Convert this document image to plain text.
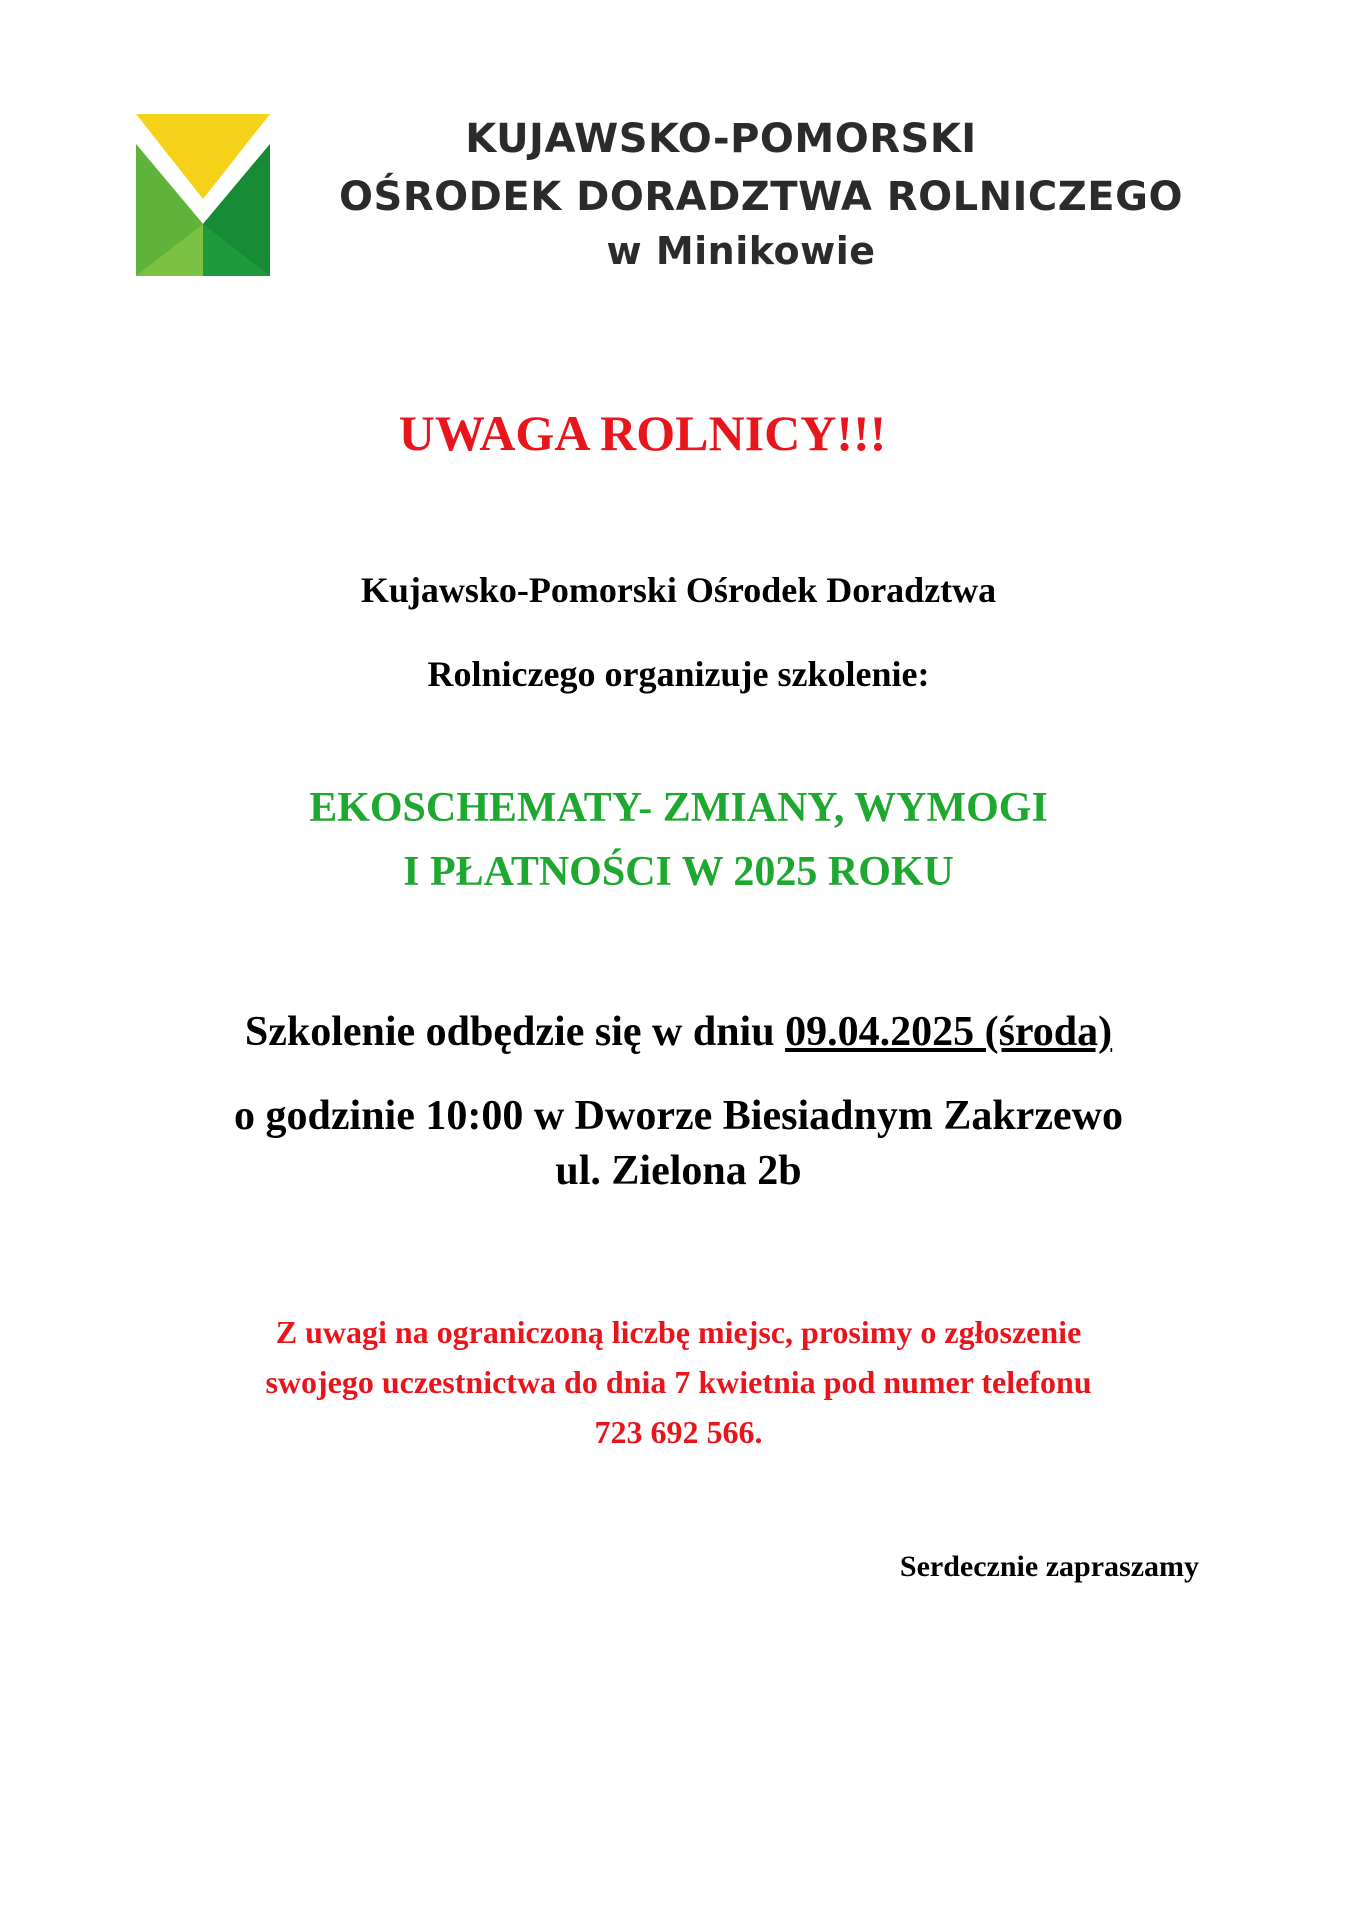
KUJAWSKO-POMORSKI
OŚRODEK DORADZTWA ROLNICZEGO
w Minikowie
UWAGA ROLNICY!!!

Kujawsko-Pomorski Ośrodek Doradztwa
Rolniczego organizuje szkolenie:

EKOSCHEMATY- ZMIANY, WYMOGI
I PŁATNOŚCI W 2025 ROKU
Szkolenie odbędzie się w dniu 09.04.2025 (środa)
o godzinie 10:00 w Dworze Biesiadnym Zakrzewo
ul. Zielona 2b

Z uwagi na ograniczoną liczbę miejsc, prosimy o zgłoszenie
swojego uczestnictwa do dnia 7 kwietnia pod numer telefonu
723 692 566.

Serdecznie zapraszamy
